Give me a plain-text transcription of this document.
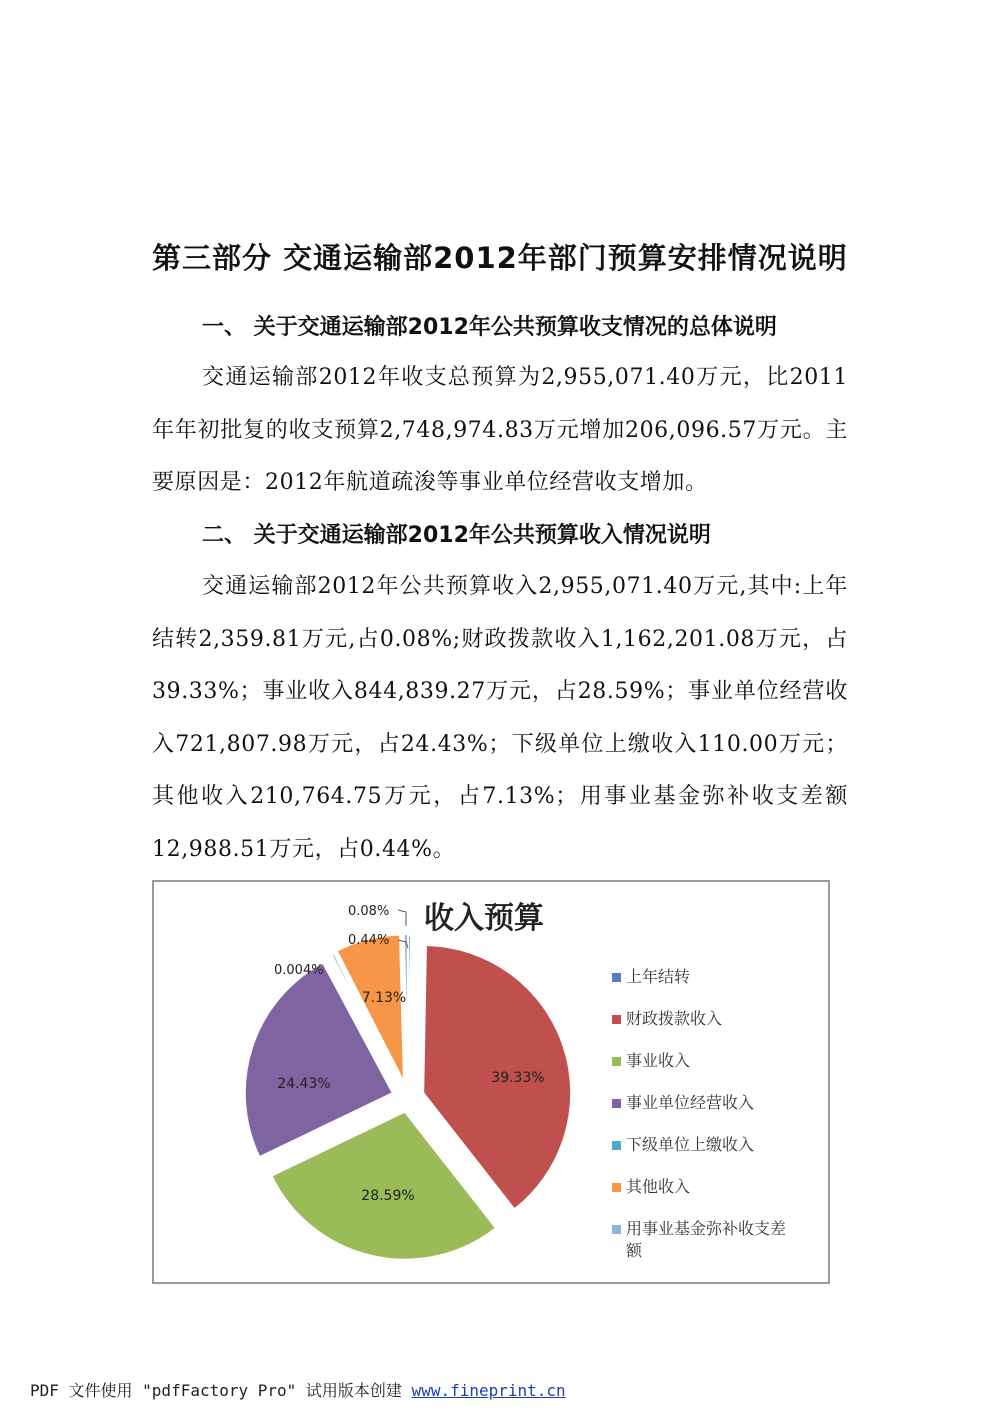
第三部分 交通运输部2012年部门预算安排情况说明
一、 关于交通运输部2012年公共预算收支情况的总体说明
交通运输部2012年收支总预算为2,955,071.40万元，比2011年年初批复的收支预算2,748,974.83万元增加206,096.57万元。主要原因是：2012年航道疏浚等事业单位经营收支增加。
二、 关于交通运输部2012年公共预算收入情况说明
交通运输部2012年公共预算收入2,955,071.40万元,其中:上年结转2,359.81万元,占0.08%;财政拨款收入1,162,201.08万元，占39.33%；事业收入844,839.27万元，占28.59%；事业单位经营收入721,807.98万元，占24.43%；下级单位上缴收入110.00万元；其他收入210,764.75万元，占7.13%；用事业基金弥补收支差额12,988.51万元，占0.44%。
39.33%
28.59%
24.43%
7.13%
0.08%
0.44%
0.004%
收入预算
上年结转
财政拨款收入
事业收入
事业单位经营收入
下级单位上缴收入
其他收入
用事业基金弥补收支差
额
PDF 文件使用 "pdfFactory Pro" 试用版本创建 www.fineprint.cn
